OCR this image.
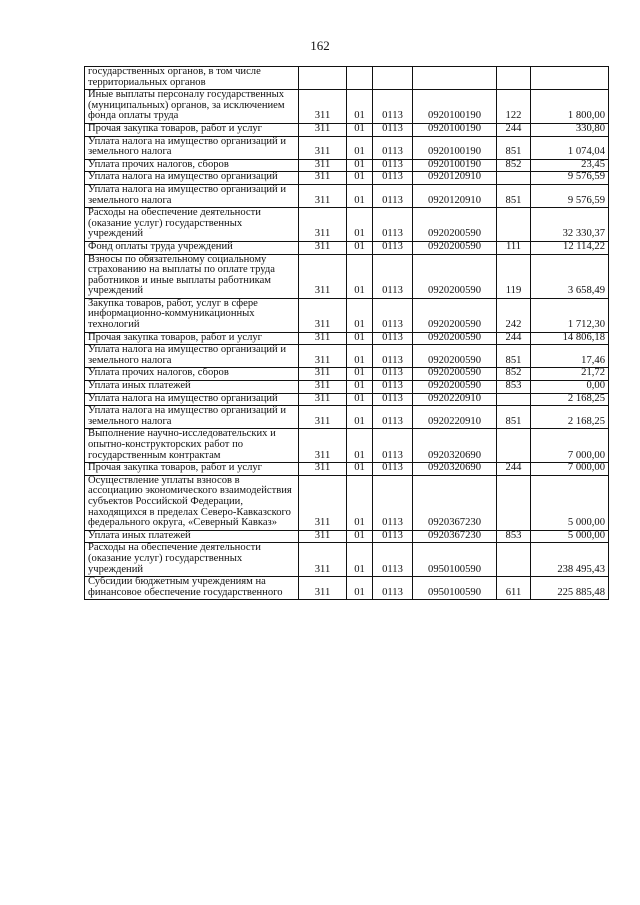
162
государственных органов, в том числе территориальных органов						
Иные выплаты персоналу государственных (муниципальных) органов, за исключением фонда оплаты труда	311	01	0113	0920100190	122	1 800,00
Прочая закупка товаров, работ и услуг	311	01	0113	0920100190	244	330,80
Уплата налога на имущество организаций и земельного налога	311	01	0113	0920100190	851	1 074,04
Уплата прочих налогов, сборов	311	01	0113	0920100190	852	23,45
Уплата налога на имущество организаций	311	01	0113	0920120910		9 576,59
Уплата налога на имущество организаций и земельного налога	311	01	0113	0920120910	851	9 576,59
Расходы на обеспечение деятельности (оказание услуг) государственных учреждений	311	01	0113	0920200590		32 330,37
Фонд оплаты труда учреждений	311	01	0113	0920200590	111	12 114,22
Взносы по обязательному социальному страхованию на выплаты по оплате труда работников и иные выплаты работникам учреждений	311	01	0113	0920200590	119	3 658,49
Закупка товаров, работ, услуг в сфере информационно-коммуникационных технологий	311	01	0113	0920200590	242	1 712,30
Прочая закупка товаров, работ и услуг	311	01	0113	0920200590	244	14 806,18
Уплата налога на имущество организаций и земельного налога	311	01	0113	0920200590	851	17,46
Уплата прочих налогов, сборов	311	01	0113	0920200590	852	21,72
Уплата иных платежей	311	01	0113	0920200590	853	0,00
Уплата налога на имущество организаций	311	01	0113	0920220910		2 168,25
Уплата налога на имущество организаций и земельного налога	311	01	0113	0920220910	851	2 168,25
Выполнение научно-исследовательских и опытно-конструкторских работ по государственным контрактам	311	01	0113	0920320690		7 000,00
Прочая закупка товаров, работ и услуг	311	01	0113	0920320690	244	7 000,00
Осуществление уплаты взносов в ассоциацию экономического взаимодействия субъектов Российской Федерации, находящихся в пределах Северо-Кавказского федерального округа, «Северный Кавказ»	311	01	0113	0920367230		5 000,00
Уплата иных платежей	311	01	0113	0920367230	853	5 000,00
Расходы на обеспечение деятельности (оказание услуг) государственных учреждений	311	01	0113	0950100590		238 495,43
Субсидии бюджетным учреждениям на финансовое обеспечение государственного	311	01	0113	0950100590	611	225 885,48
